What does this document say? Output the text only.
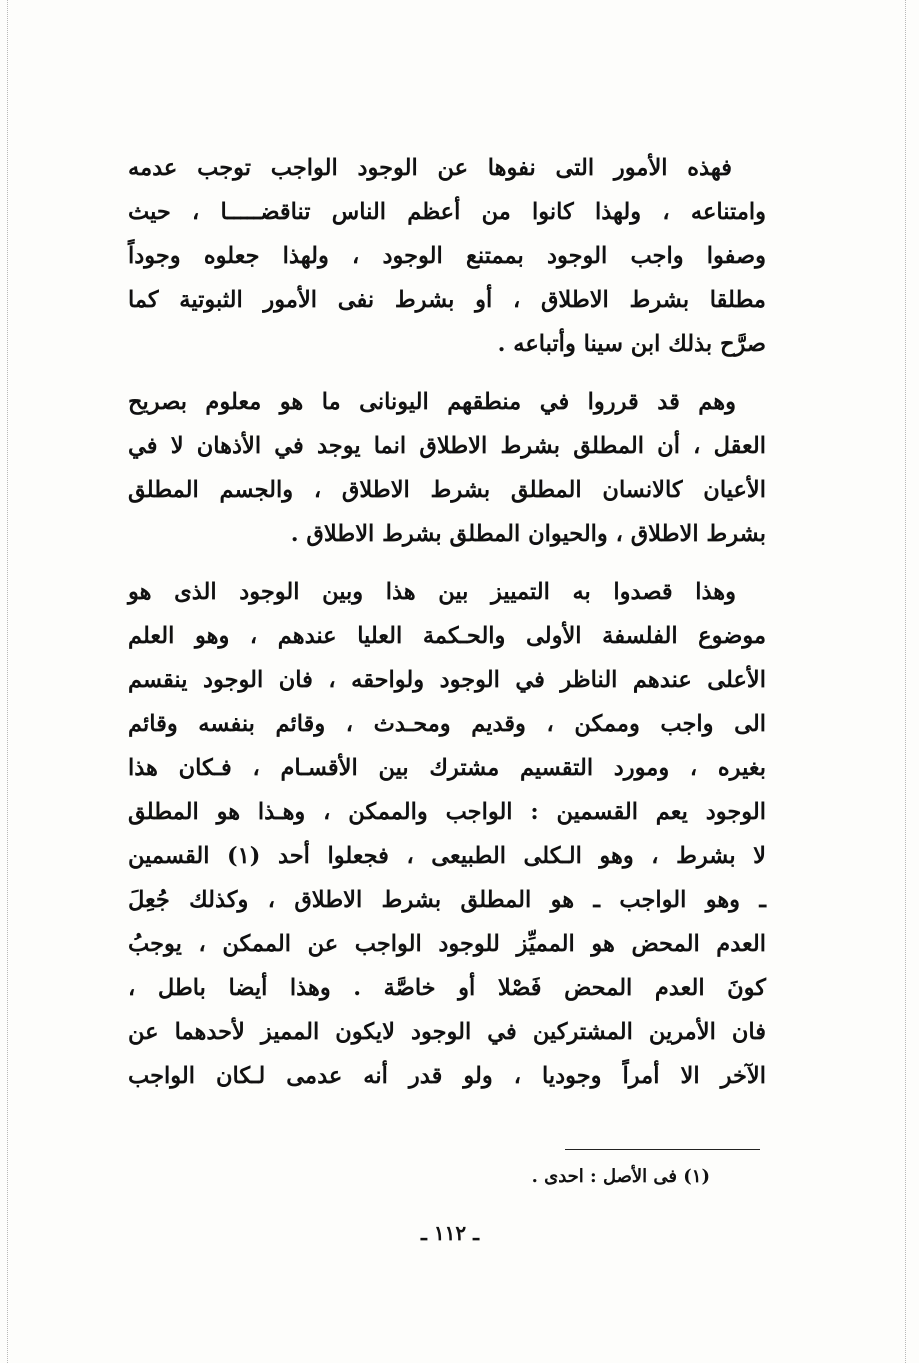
فهذه الأمور التى نفوها عن الوجود الواجب توجب عدمه
وامتناعه ، ولهذا كانوا من أعظم الناس تناقضـــــا ، حيث
وصفوا واجب الوجود بممتنع الوجود ، ولهذا جعلوه وجوداً
مطلقا بشرط الاطلاق ، أو بشرط نفى الأمور الثبوتية كما
صرَّح بذلك ابن سينا وأتباعه .
وهم قد قرروا في منطقهم اليونانى ما هو معلوم بصريح
العقل ، أن المطلق بشرط الاطلاق انما يوجد في الأذهان لا في
الأعيان كالانسان المطلق بشرط الاطلاق ، والجسم المطلق
بشرط الاطلاق ، والحيوان المطلق بشرط الاطلاق .
وهذا قصدوا به التمييز بين هذا وبين الوجود الذى هو
موضوع الفلسفة الأولى والحـكمة العليا عندهم ، وهو العلم
الأعلى عندهم الناظر في الوجود ولواحقه ، فان الوجود ينقسم
الى واجب وممكن ، وقديم ومحـدث ، وقائم بنفسه وقائم
بغيره ، ومورد التقسيم مشترك بين الأقسـام ، فـكان هذا
الوجود يعم القسمين : الواجب والممكن ، وهـذا هو المطلق
لا بشرط ، وهو الـكلى الطبيعى ، فجعلوا أحد (١) القسمين
ـ وهو الواجب ـ هو المطلق بشرط الاطلاق ، وكذلك جُعِلَ
العدم المحض هو المميِّز للوجود الواجب عن الممكن ، يوجبُ
كونَ العدم المحض فَصْلا أو خاصَّة . وهذا أيضا باطل ،
فان الأمرين المشتركين في الوجود لايكون المميز لأحدهما عن
الآخر الا أمراً وجوديا ، ولو قدر أنه عدمى لـكان الواجب
(١) فى الأصل : احدى .
ـ ١١٢ ـ
